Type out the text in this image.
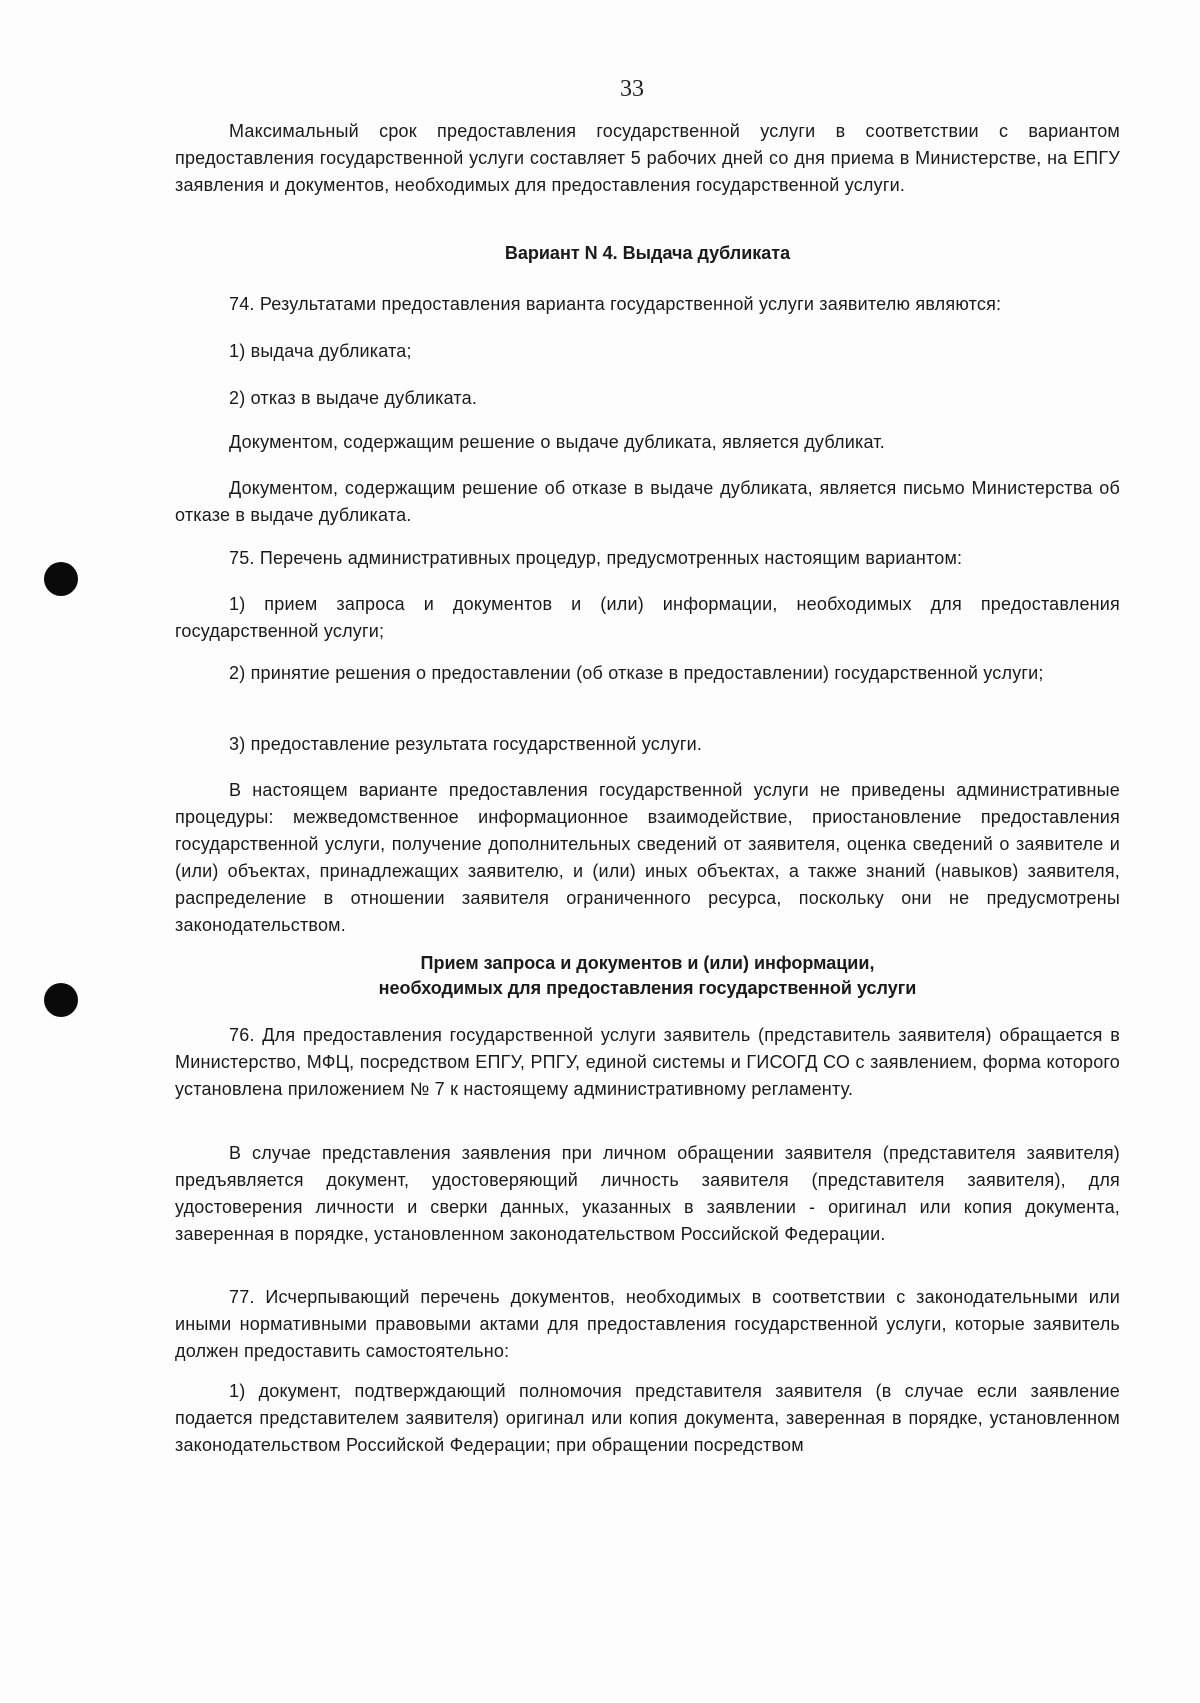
33

Максимальный срок предоставления государственной услуги в соответствии с вариантом предоставления государственной услуги составляет 5 рабочих дней со дня приема в Министерстве, на ЕПГУ заявления и документов, необходимых для предоставления государственной услуги.

Вариант N 4. Выдача дубликата

74. Результатами предоставления варианта государственной услуги заявителю являются:

1) выдача дубликата;

2) отказ в выдаче дубликата.

Документом, содержащим решение о выдаче дубликата, является дубликат.

Документом, содержащим решение об отказе в выдаче дубликата, является письмо Министерства об отказе в выдаче дубликата.

75. Перечень административных процедур, предусмотренных настоящим вариантом:

1) прием запроса и документов и (или) информации, необходимых для предоставления государственной услуги;

2) принятие решения о предоставлении (об отказе в предоставлении) государственной услуги;

3) предоставление результата государственной услуги.

В настоящем варианте предоставления государственной услуги не приведены административные процедуры: межведомственное информационное взаимодействие, приостановление предоставления государственной услуги, получение дополнительных сведений от заявителя, оценка сведений о заявителе и (или) объектах, принадлежащих заявителю, и (или) иных объектах, а также знаний (навыков) заявителя, распределение в отношении заявителя ограниченного ресурса, поскольку они не предусмотрены законодательством.

Прием запроса и документов и (или) информации,

необходимых для предоставления государственной услуги

76. Для предоставления государственной услуги заявитель (представитель заявителя) обращается в Министерство, МФЦ, посредством ЕПГУ, РПГУ, единой системы и ГИСОГД СО с заявлением, форма которого установлена приложением № 7 к настоящему административному регламенту.

В случае представления заявления при личном обращении заявителя (представителя заявителя) предъявляется документ, удостоверяющий личность заявителя (представителя заявителя), для удостоверения личности и сверки данных, указанных в заявлении - оригинал или копия документа, заверенная в порядке, установленном законодательством Российской Федерации.

77. Исчерпывающий перечень документов, необходимых в соответствии с законодательными или иными нормативными правовыми актами для предоставления государственной услуги, которые заявитель должен предоставить самостоятельно:

1) документ, подтверждающий полномочия представителя заявителя (в случае если заявление подается представителем заявителя) оригинал или копия документа, заверенная в порядке, установленном законодательством Российской Федерации; при обращении посредством
